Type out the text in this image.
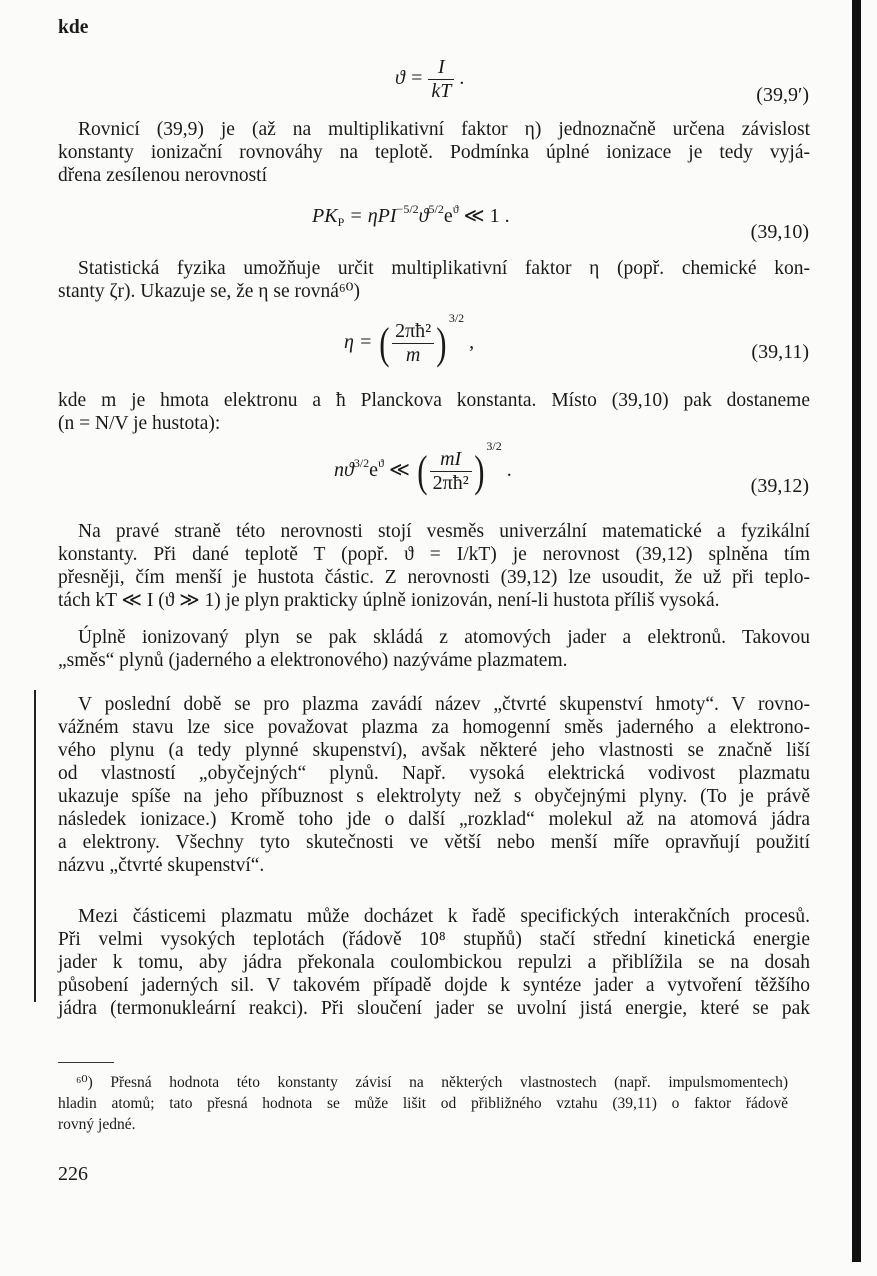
kde
$ϑ = \frac{I}{kT}$ .
(39,9′)
Rovnicí (39,9) je (až na multiplikativní faktor η) jednoznačně určena závislost
konstanty ionizační rovnováhy na teplotě. Podmínka úplné ionizace je tedy vyjá-
dřena zesílenou nerovností
$PK_P = \eta PI^{-5/2}ϑ^{5/2}e^ϑ$ ≪ 1 .
(39,10)
Statistická fyzika umožňuje určit multiplikativní faktor η (popř. chemické kon-
stanty ζr). Ukazuje se, že η se rovná⁶⁰)
η = ( $\frac{\text{2πħ²}}{m} )^{3/2}$ ,	(39,11)
kde m je hmota elektronu a ħ Planckova konstanta. Místo (39,10) pak dostaneme
(n = N/V je hustota):
$nϑ^{3/2}e^ϑ$ ≪ ( $\frac{mI}{\text{2πħ²}} )^{3/2}$ .
(39,12)
Na pravé straně této nerovnosti stojí vesměs univerzální matematické a fyzikální
konstanty. Při dané teplotě T (popř. ϑ = I/kT) je nerovnost (39,12) splněna tím
přesněji, čím menší je hustota částic. Z nerovnosti (39,12) lze usoudit, že už při teplo-
tách kT ≪ I (ϑ ≫ 1) je plyn prakticky úplně ionizován, není-li hustota příliš vysoká.
Úplně ionizovaný plyn se pak skládá z atomových jader a elektronů. Takovou
„směs“ plynů (jaderného a elektronového) nazýváme plazmatem.
V poslední době se pro plazma zavádí název „čtvrté skupenství hmoty“. V rovno-
vážném stavu lze sice považovat plazma za homogenní směs jaderného a elektrono-
vého plynu (a tedy plynné skupenství), avšak některé jeho vlastnosti se značně liší
od vlastností „obyčejných“ plynů. Např. vysoká elektrická vodivost plazmatu
ukazuje spíše na jeho příbuznost s elektrolyty než s obyčejnými plyny. (To je právě
následek ionizace.) Kromě toho jde o další „rozklad“ molekul až na atomová jádra
a elektrony. Všechny tyto skutečnosti ve větší nebo menší míře opravňují použití
názvu „čtvrté skupenství“.
Mezi částicemi plazmatu může docházet k řadě specifických interakčních procesů.
Při velmi vysokých teplotách (řádově 10⁸ stupňů) stačí střední kinetická energie
jader k tomu, aby jádra překonala coulombickou repulzi a přiblížila se na dosah
působení jaderných sil. V takovém případě dojde k syntéze jader a vytvoření těžšího
jádra (termonukleární reakci). Při sloučení jader se uvolní jistá energie, které se pak
⁶⁰) Přesná hodnota této konstanty závisí na některých vlastnostech (např. impulsmomentech)
hladin atomů; tato přesná hodnota se může lišit od přibližného vztahu (39,11) o faktor řádově
rovný jedné.
226
